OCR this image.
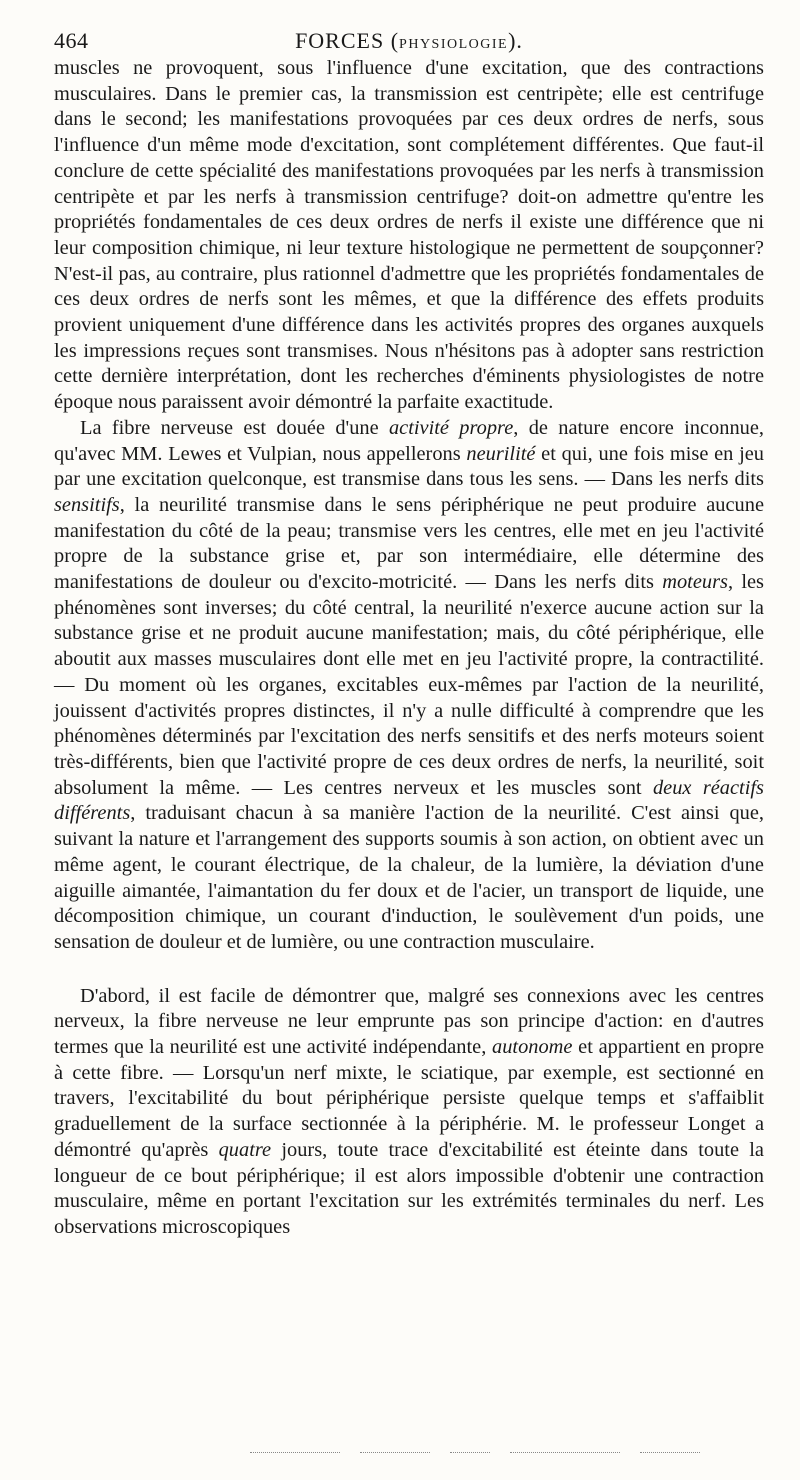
464	FORCES (PHYSIOLOGIE).

muscles ne provoquent, sous l'influence d'une excitation, que des contractions musculaires. Dans le premier cas, la transmission est centripète; elle est centrifuge dans le second; les manifestations provoquées par ces deux ordres de nerfs, sous l'influence d'un même mode d'excitation, sont complétement différentes. Que faut-il conclure de cette spécialité des manifestations provoquées par les nerfs à transmission centripète et par les nerfs à transmission centrifuge? doit-on admettre qu'entre les propriétés fondamentales de ces deux ordres de nerfs il existe une différence que ni leur composition chimique, ni leur texture histologique ne permettent de soupçonner? N'est-il pas, au contraire, plus rationnel d'admettre que les propriétés fondamentales de ces deux ordres de nerfs sont les mêmes, et que la différence des effets produits provient uniquement d'une différence dans les activités propres des organes auxquels les impressions reçues sont transmises. Nous n'hésitons pas à adopter sans restriction cette dernière interprétation, dont les recherches d'éminents physiologistes de notre époque nous paraissent avoir démontré la parfaite exactitude.

La fibre nerveuse est douée d'une activité propre, de nature encore inconnue, qu'avec MM. Lewes et Vulpian, nous appellerons neurilité et qui, une fois mise en jeu par une excitation quelconque, est transmise dans tous les sens. — Dans les nerfs dits sensitifs, la neurilité transmise dans le sens périphérique ne peut produire aucune manifestation du côté de la peau; transmise vers les centres, elle met en jeu l'activité propre de la substance grise et, par son intermédiaire, elle détermine des manifestations de douleur ou d'excito-motricité. — Dans les nerfs dits moteurs, les phénomènes sont inverses; du côté central, la neurilité n'exerce aucune action sur la substance grise et ne produit aucune manifestation; mais, du côté périphérique, elle aboutit aux masses musculaires dont elle met en jeu l'activité propre, la contractilité. — Du moment où les organes, excitables eux-mêmes par l'action de la neurilité, jouissent d'activités propres distinctes, il n'y a nulle difficulté à comprendre que les phénomènes déterminés par l'excitation des nerfs sensitifs et des nerfs moteurs soient très-différents, bien que l'activité propre de ces deux ordres de nerfs, la neurilité, soit absolument la même. — Les centres nerveux et les muscles sont deux réactifs différents, traduisant chacun à sa manière l'action de la neurilité. C'est ainsi que, suivant la nature et l'arrangement des supports soumis à son action, on obtient avec un même agent, le courant électrique, de la chaleur, de la lumière, la déviation d'une aiguille aimantée, l'aimantation du fer doux et de l'acier, un transport de liquide, une décomposition chimique, un courant d'induction, le soulèvement d'un poids, une sensation de douleur et de lumière, ou une contraction musculaire.

D'abord, il est facile de démontrer que, malgré ses connexions avec les centres nerveux, la fibre nerveuse ne leur emprunte pas son principe d'action: en d'autres termes que la neurilité est une activité indépendante, autonome et appartient en propre à cette fibre. — Lorsqu'un nerf mixte, le sciatique, par exemple, est sectionné en travers, l'excitabilité du bout périphérique persiste quelque temps et s'affaiblit graduellement de la surface sectionnée à la périphérie. M. le professeur Longet a démontré qu'après quatre jours, toute trace d'excitabilité est éteinte dans toute la longueur de ce bout périphérique; il est alors impossible d'obtenir une contraction musculaire, même en portant l'excitation sur les extrémités terminales du nerf. Les observations microscopiques
